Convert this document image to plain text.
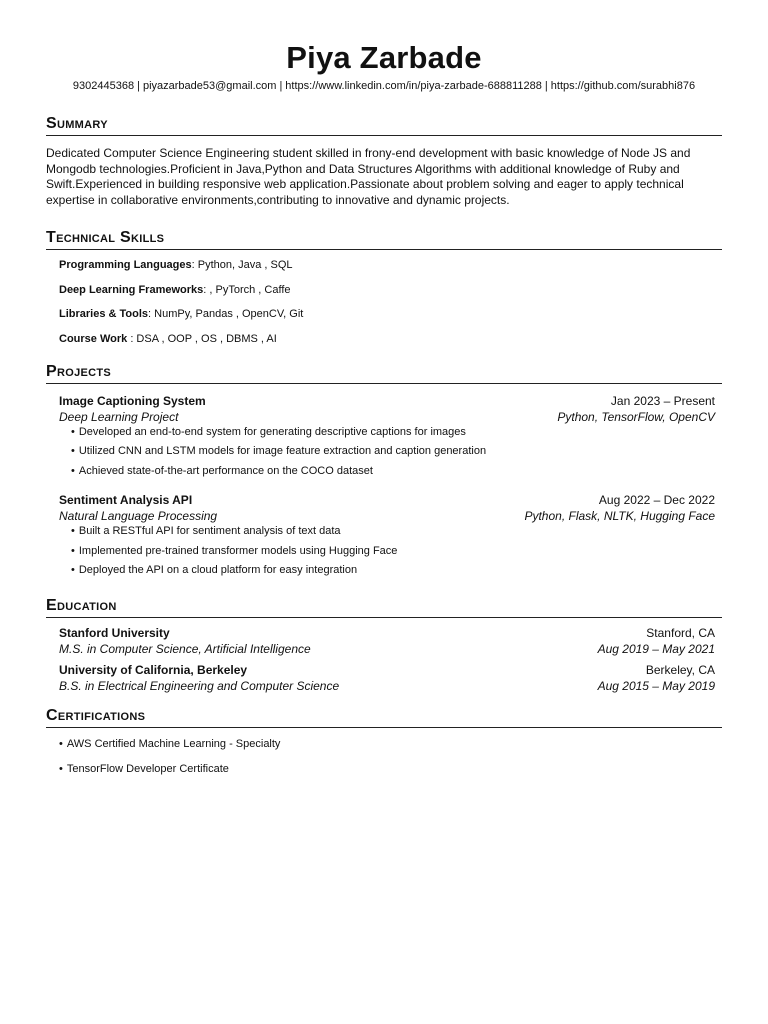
Piya Zarbade
9302445368 | piyazarbade53@gmail.com | https://www.linkedin.com/in/piya-zarbade-688811288 | https://github.com/surabhi876
Summary
Dedicated Computer Science Engineering student skilled in frony-end development with basic knowledge of Node JS and Mongodb technologies.Proficient in Java,Python and Data Structures Algorithms with additional knowledge of Ruby and Swift.Experienced in building responsive web application.Passionate about problem solving and eager to apply technical expertise in collaborative environments,contributing to innovative and dynamic projects.
Technical Skills
Programming Languages: Python, Java , SQL
Deep Learning Frameworks: , PyTorch , Caffe
Libraries & Tools: NumPy, Pandas , OpenCV, Git
Course Work : DSA , OOP , OS , DBMS , AI
Projects
Image Captioning System	Jan 2023 – Present
Deep Learning Project	Python, TensorFlow, OpenCV
• Developed an end-to-end system for generating descriptive captions for images
• Utilized CNN and LSTM models for image feature extraction and caption generation
• Achieved state-of-the-art performance on the COCO dataset
Sentiment Analysis API	Aug 2022 – Dec 2022
Natural Language Processing	Python, Flask, NLTK, Hugging Face
• Built a RESTful API for sentiment analysis of text data
• Implemented pre-trained transformer models using Hugging Face
• Deployed the API on a cloud platform for easy integration
Education
Stanford University	Stanford, CA
M.S. in Computer Science, Artificial Intelligence	Aug 2019 – May 2021
University of California, Berkeley	Berkeley, CA
B.S. in Electrical Engineering and Computer Science	Aug 2015 – May 2019
Certifications
• AWS Certified Machine Learning - Specialty
• TensorFlow Developer Certificate
